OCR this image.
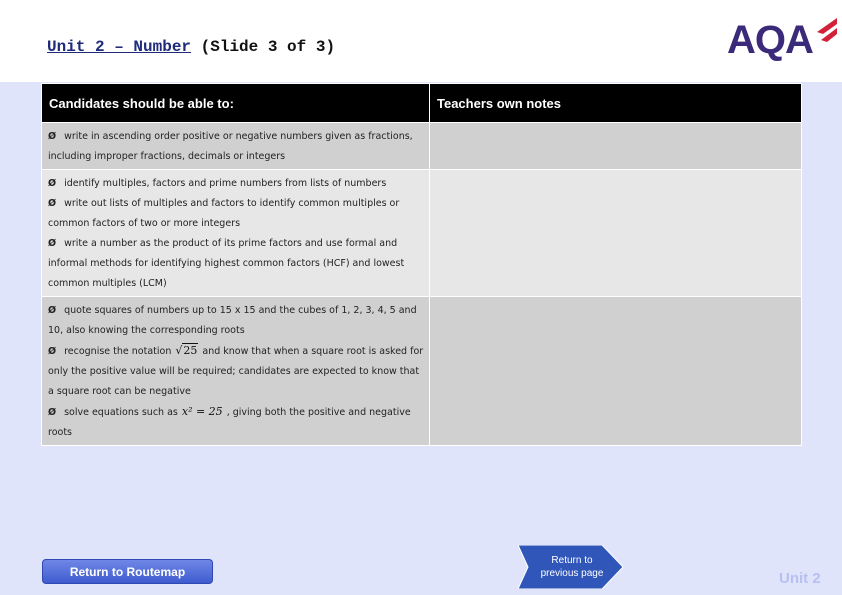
Unit 2 – Number (Slide 3 of 3)	AQA
Candidates should be able to:	Teachers own notes

Ø write in ascending order positive or negative numbers given as fractions, including improper fractions, decimals or integers	

Ø identify multiples, factors and prime numbers from lists of numbers
Ø write out lists of multiples and factors to identify common multiples or common factors of two or more integers
Ø write a number as the product of its prime factors and use formal and informal methods for identifying highest common factors (HCF) and lowest common multiples (LCM)	

Ø quote squares of numbers up to 15 x 15 and the cubes of 1, 2, 3, 4, 5 and 10, also knowing the corresponding roots
Ø recognise the notation √25 and know that when a square root is asked for only the positive value will be required; candidates are expected to know that a square root can be negative
Ø solve equations such as x² = 25 , giving both the positive and negative roots	

Return to Routemap
Return to previous page	Unit 2
